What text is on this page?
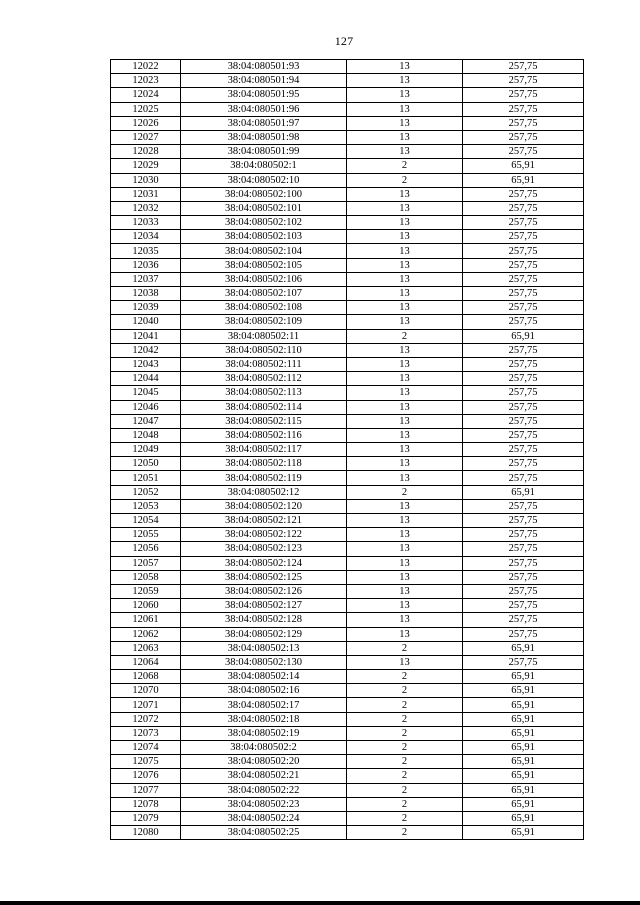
127
12022	38:04:080501:93	13	257,75
12023	38:04:080501:94	13	257,75
12024	38:04:080501:95	13	257,75
12025	38:04:080501:96	13	257,75
12026	38:04:080501:97	13	257,75
12027	38:04:080501:98	13	257,75
12028	38:04:080501:99	13	257,75
12029	38:04:080502:1	2	65,91
12030	38:04:080502:10	2	65,91
12031	38:04:080502:100	13	257,75
12032	38:04:080502:101	13	257,75
12033	38:04:080502:102	13	257,75
12034	38:04:080502:103	13	257,75
12035	38:04:080502:104	13	257,75
12036	38:04:080502:105	13	257,75
12037	38:04:080502:106	13	257,75
12038	38:04:080502:107	13	257,75
12039	38:04:080502:108	13	257,75
12040	38:04:080502:109	13	257,75
12041	38:04:080502:11	2	65,91
12042	38:04:080502:110	13	257,75
12043	38:04:080502:111	13	257,75
12044	38:04:080502:112	13	257,75
12045	38:04:080502:113	13	257,75
12046	38:04:080502:114	13	257,75
12047	38:04:080502:115	13	257,75
12048	38:04:080502:116	13	257,75
12049	38:04:080502:117	13	257,75
12050	38:04:080502:118	13	257,75
12051	38:04:080502:119	13	257,75
12052	38:04:080502:12	2	65,91
12053	38:04:080502:120	13	257,75
12054	38:04:080502:121	13	257,75
12055	38:04:080502:122	13	257,75
12056	38:04:080502:123	13	257,75
12057	38:04:080502:124	13	257,75
12058	38:04:080502:125	13	257,75
12059	38:04:080502:126	13	257,75
12060	38:04:080502:127	13	257,75
12061	38:04:080502:128	13	257,75
12062	38:04:080502:129	13	257,75
12063	38:04:080502:13	2	65,91
12064	38:04:080502:130	13	257,75
12068	38:04:080502:14	2	65,91
12070	38:04:080502:16	2	65,91
12071	38:04:080502:17	2	65,91
12072	38:04:080502:18	2	65,91
12073	38:04:080502:19	2	65,91
12074	38:04:080502:2	2	65,91
12075	38:04:080502:20	2	65,91
12076	38:04:080502:21	2	65,91
12077	38:04:080502:22	2	65,91
12078	38:04:080502:23	2	65,91
12079	38:04:080502:24	2	65,91
12080	38:04:080502:25	2	65,91
